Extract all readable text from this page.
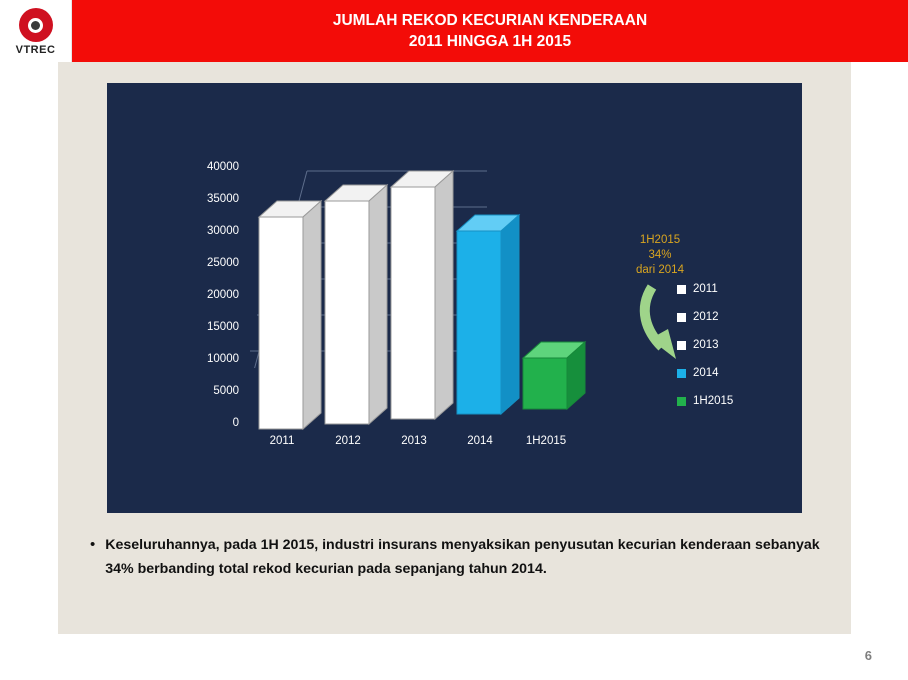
VTREC
JUMLAH REKOD KECURIAN KENDERAAN
2011 HINGGA 1H 2015
0
5000
10000
15000
20000
25000
30000
35000
40000
2011	2012	2013	2014	1H2015
1H2015
34%
dari 2014
2011
2012
2013
2014
1H2015
• Keseluruhannya, pada 1H 2015, industri insurans menyaksikan penyusutan kecurian kenderaan sebanyak 34% berbanding total rekod kecurian pada sepanjang tahun 2014.
6
